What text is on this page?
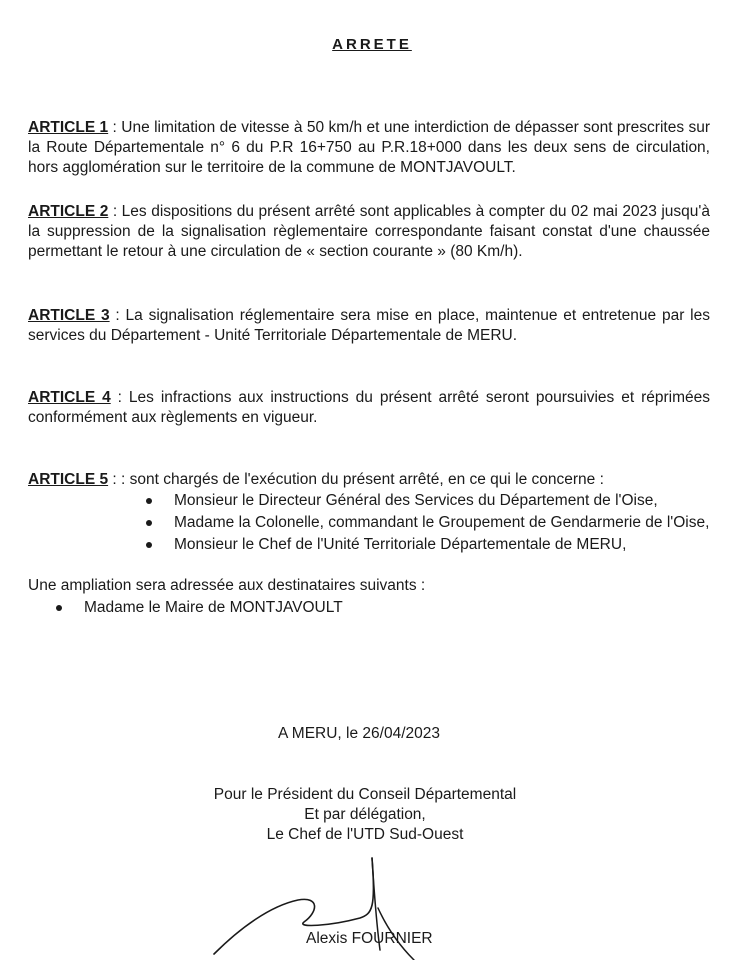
ARRETE
ARTICLE 1 : Une limitation de vitesse à 50 km/h et une interdiction de dépasser sont prescrites sur la Route Départementale n° 6 du P.R 16+750 au P.R.18+000 dans les deux sens de circulation, hors agglomération sur le territoire de la commune de MONTJAVOULT.
ARTICLE 2 : Les dispositions du présent arrêté sont applicables à compter du 02 mai 2023 jusqu'à la suppression de la signalisation règlementaire correspondante faisant constat d'une chaussée permettant le retour à une circulation de « section courante » (80 Km/h).
ARTICLE 3 : La signalisation réglementaire sera mise en place, maintenue et entretenue par les services du Département - Unité Territoriale Départementale de MERU.
ARTICLE 4 : Les infractions aux instructions du présent arrêté seront poursuivies et réprimées conformément aux règlements en vigueur.
ARTICLE 5 : : sont chargés de l'exécution du présent arrêté, en ce qui le concerne :
Monsieur le Directeur Général des Services du Département de l'Oise,
Madame la Colonelle, commandant le Groupement de Gendarmerie de l'Oise,
Monsieur le Chef de l'Unité Territoriale Départementale de MERU,
Une ampliation sera adressée aux destinataires suivants :
Madame le Maire de MONTJAVOULT
A MERU, le 26/04/2023
Pour le Président du Conseil Départemental
Et par délégation,
Le Chef de l'UTD Sud-Ouest
Alexis FOURNIER
